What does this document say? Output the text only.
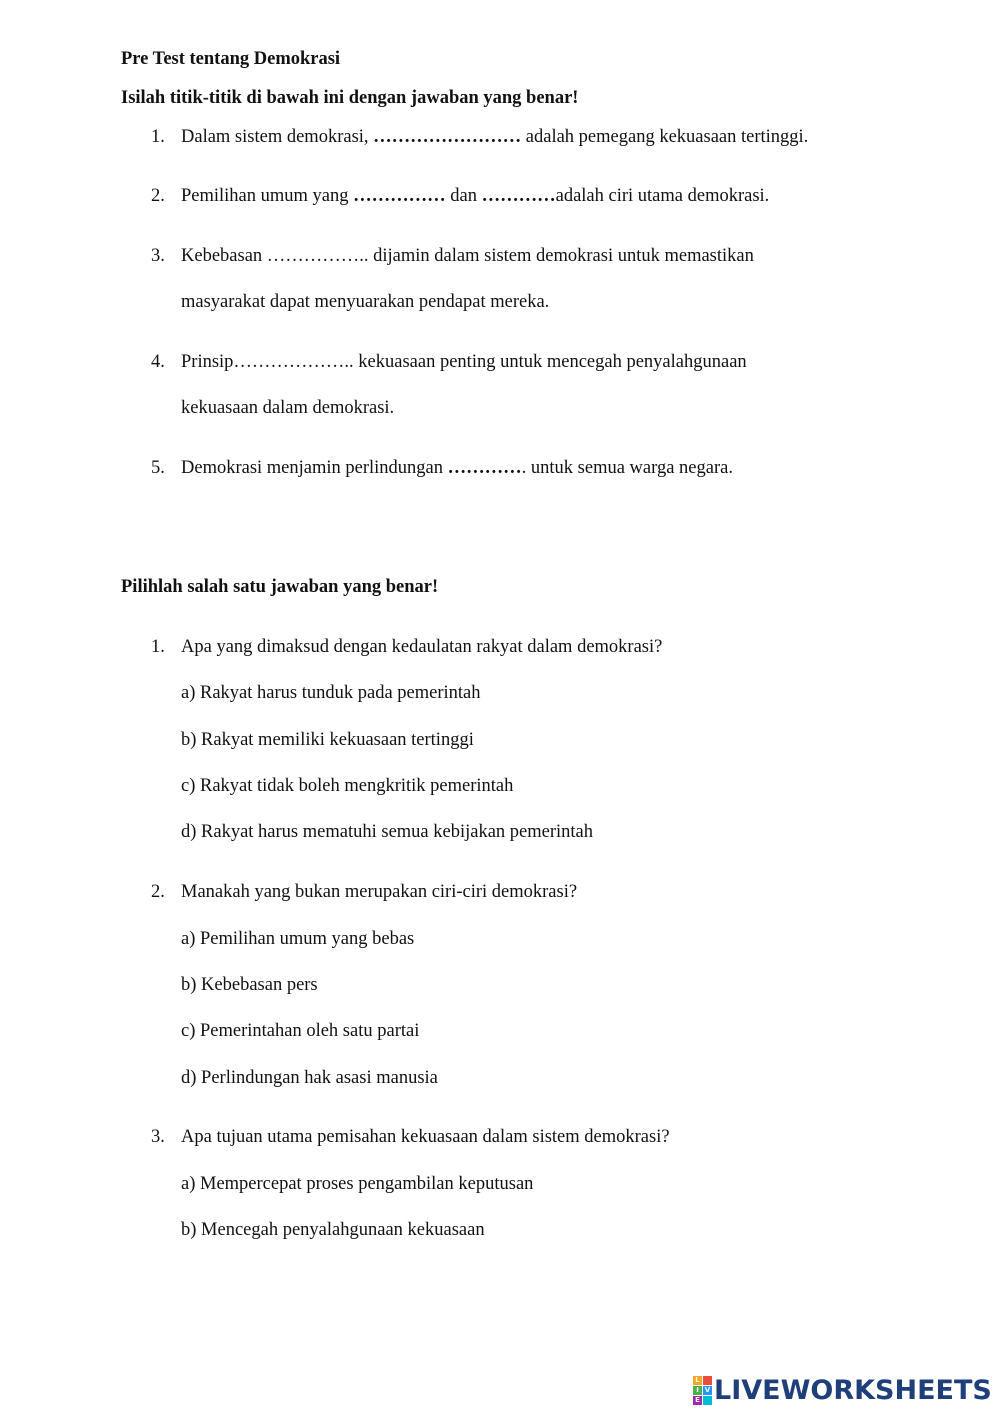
Pre Test tentang Demokrasi
Isilah titik-titik di bawah ini dengan jawaban yang benar!
1. Dalam sistem demokrasi, …………………… adalah pemegang kekuasaan tertinggi.
2. Pemilihan umum yang …………… dan …………adalah ciri utama demokrasi.
3. Kebebasan …………….. dijamin dalam sistem demokrasi untuk memastikan
masyarakat dapat menyuarakan pendapat mereka.
4. Prinsip……………….. kekuasaan penting untuk mencegah penyalahgunaan
kekuasaan dalam demokrasi.
5. Demokrasi menjamin perlindungan …………. untuk semua warga negara.
Pilihlah salah satu jawaban yang benar!
1. Apa yang dimaksud dengan kedaulatan rakyat dalam demokrasi?
a) Rakyat harus tunduk pada pemerintah
b) Rakyat memiliki kekuasaan tertinggi
c) Rakyat tidak boleh mengkritik pemerintah
d) Rakyat harus mematuhi semua kebijakan pemerintah
2. Manakah yang bukan merupakan ciri-ciri demokrasi?
a) Pemilihan umum yang bebas
b) Kebebasan pers
c) Pemerintahan oleh satu partai
d) Perlindungan hak asasi manusia
3. Apa tujuan utama pemisahan kekuasaan dalam sistem demokrasi?
a) Mempercepat proses pengambilan keputusan
b) Mencegah penyalahgunaan kekuasaan
L
I V
E LIVEWORKSHEETS
